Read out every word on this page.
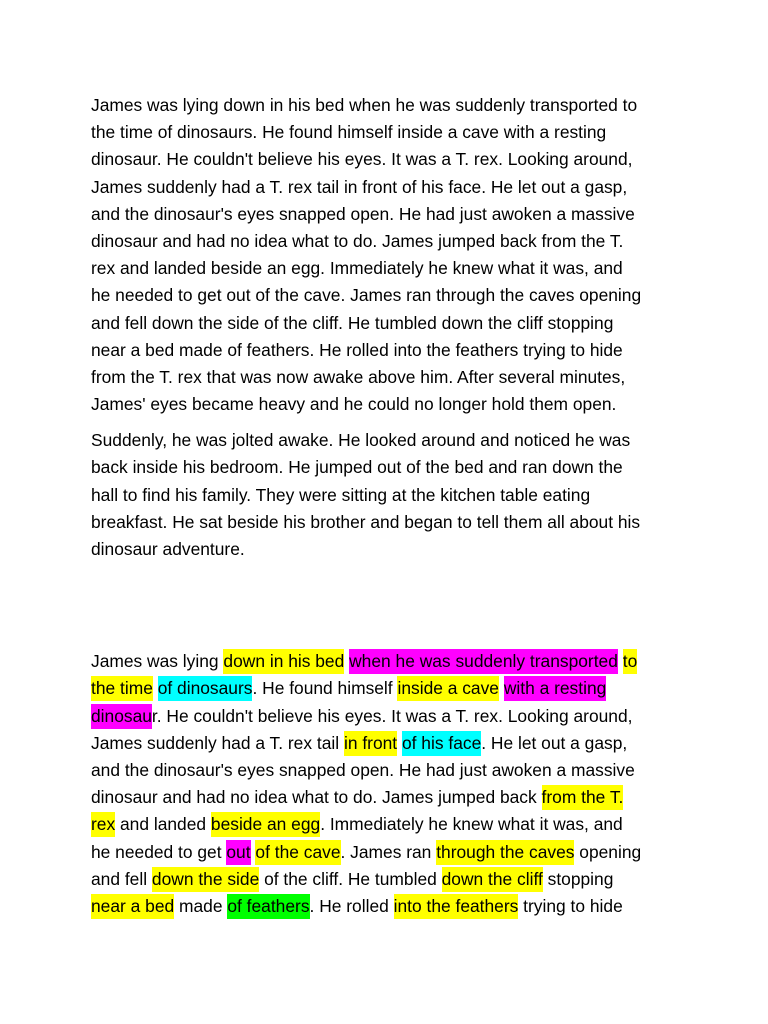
James was lying down in his bed when he was suddenly transported to
the time of dinosaurs. He found himself inside a cave with a resting
dinosaur. He couldn't believe his eyes. It was a T. rex. Looking around,
James suddenly had a T. rex tail in front of his face. He let out a gasp,
and the dinosaur's eyes snapped open. He had just awoken a massive
dinosaur and had no idea what to do. James jumped back from the T.
rex and landed beside an egg. Immediately he knew what it was, and
he needed to get out of the cave. James ran through the caves opening
and fell down the side of the cliff. He tumbled down the cliff stopping
near a bed made of feathers. He rolled into the feathers trying to hide
from the T. rex that was now awake above him. After several minutes,
James' eyes became heavy and he could no longer hold them open.
Suddenly, he was jolted awake. He looked around and noticed he was
back inside his bedroom. He jumped out of the bed and ran down the
hall to find his family. They were sitting at the kitchen table eating
breakfast. He sat beside his brother and began to tell them all about his
dinosaur adventure.
James was lying down in his bed when he was suddenly transported to
the time of dinosaurs. He found himself inside a cave with a resting
dinosaur. He couldn't believe his eyes. It was a T. rex. Looking around,
James suddenly had a T. rex tail in front of his face. He let out a gasp,
and the dinosaur's eyes snapped open. He had just awoken a massive
dinosaur and had no idea what to do. James jumped back from the T.
rex and landed beside an egg. Immediately he knew what it was, and
he needed to get out of the cave. James ran through the caves opening
and fell down the side of the cliff. He tumbled down the cliff stopping
near a bed made of feathers. He rolled into the feathers trying to hide
